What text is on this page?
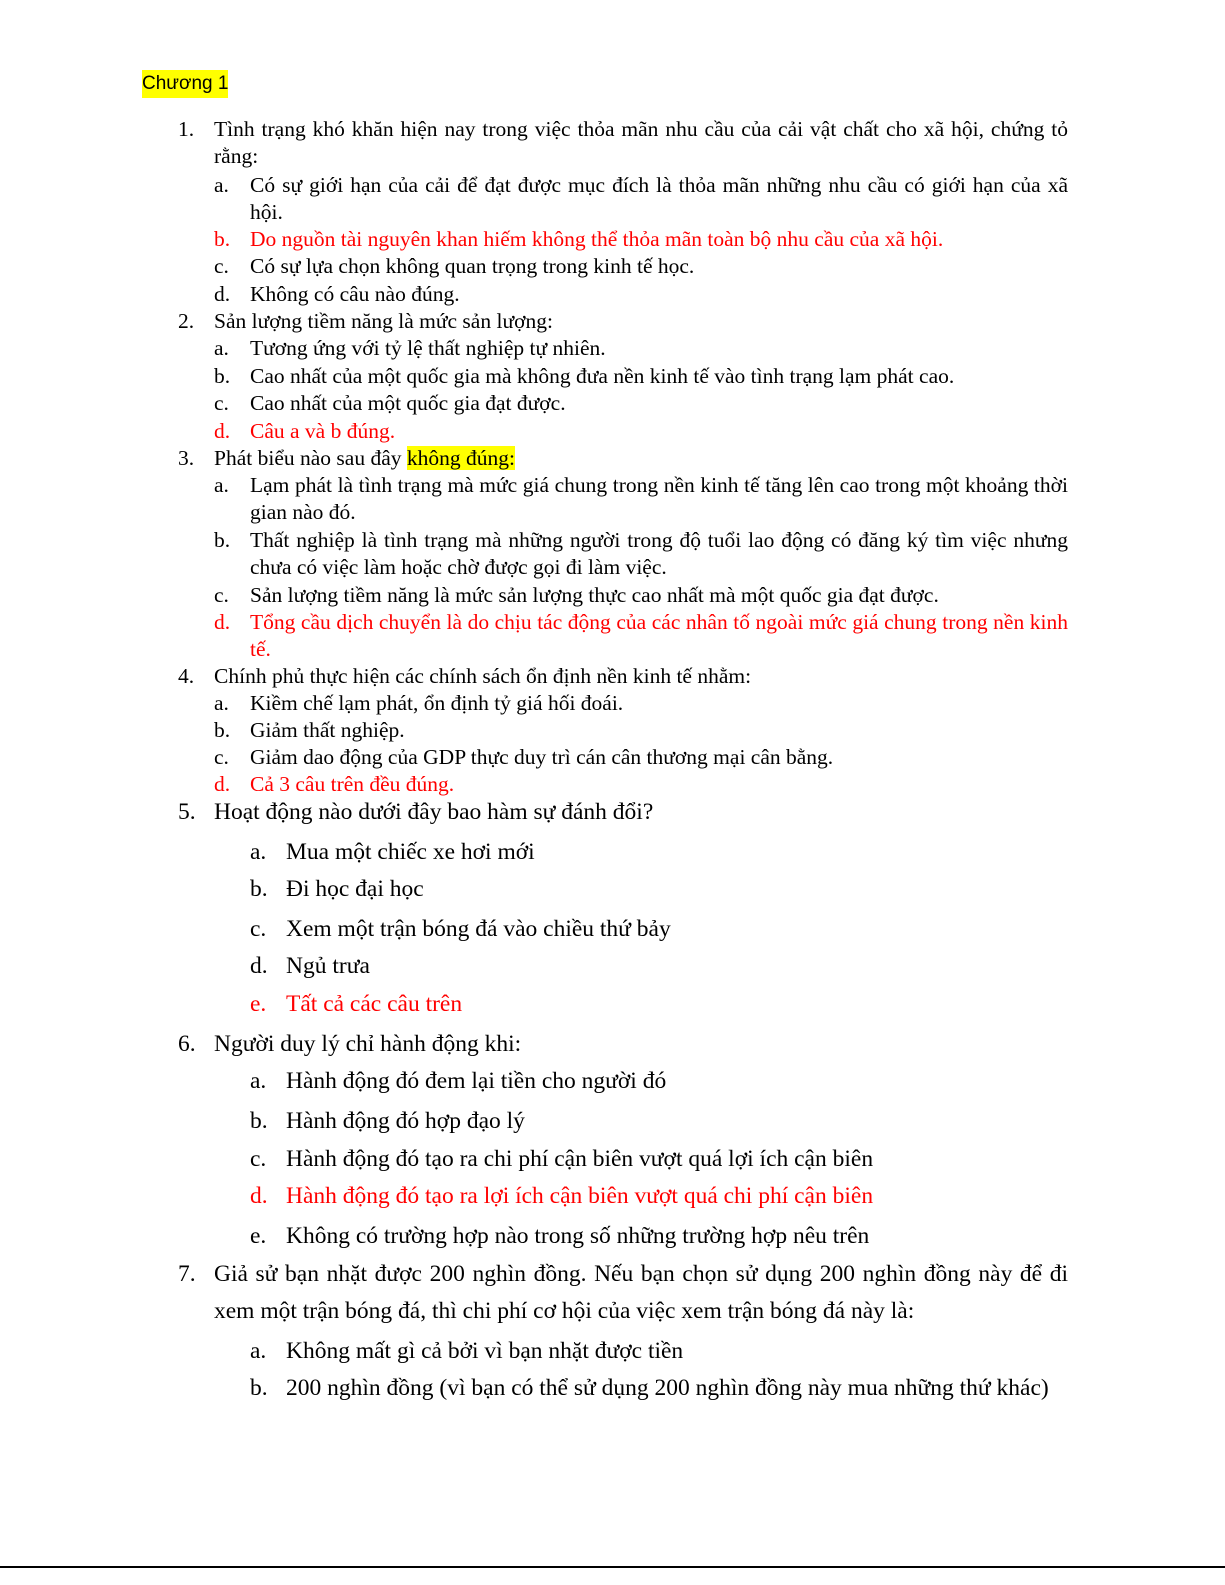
Chương 1
1. Tình trạng khó khăn hiện nay trong việc thỏa mãn nhu cầu của cải vật chất cho xã hội, chứng tỏ rằng:
a. Có sự giới hạn của cải để đạt được mục đích là thỏa mãn những nhu cầu có giới hạn của xã hội.
b. Do nguồn tài nguyên khan hiếm không thể thỏa mãn toàn bộ nhu cầu của xã hội.
c. Có sự lựa chọn không quan trọng trong kinh tế học.
d. Không có câu nào đúng.
2. Sản lượng tiềm năng là mức sản lượng:
a. Tương ứng với tỷ lệ thất nghiệp tự nhiên.
b. Cao nhất của một quốc gia mà không đưa nền kinh tế vào tình trạng lạm phát cao.
c. Cao nhất của một quốc gia đạt được.
d. Câu a và b đúng.
3. Phát biểu nào sau đây không đúng:
a. Lạm phát là tình trạng mà mức giá chung trong nền kinh tế tăng lên cao trong một khoảng thời gian nào đó.
b. Thất nghiệp là tình trạng mà những người trong độ tuổi lao động có đăng ký tìm việc nhưng chưa có việc làm hoặc chờ được gọi đi làm việc.
c. Sản lượng tiềm năng là mức sản lượng thực cao nhất mà một quốc gia đạt được.
d. Tổng cầu dịch chuyển là do chịu tác động của các nhân tố ngoài mức giá chung trong nền kinh tế.
4. Chính phủ thực hiện các chính sách ổn định nền kinh tế nhằm:
a. Kiềm chế lạm phát, ổn định tỷ giá hối đoái.
b. Giảm thất nghiệp.
c. Giảm dao động của GDP thực duy trì cán cân thương mại cân bằng.
d. Cả 3 câu trên đều đúng.
5. Hoạt động nào dưới đây bao hàm sự đánh đổi?
a. Mua một chiếc xe hơi mới
b. Đi học đại học
c. Xem một trận bóng đá vào chiều thứ bảy
d. Ngủ trưa
e. Tất cả các câu trên
6. Người duy lý chỉ hành động khi:
a. Hành động đó đem lại tiền cho người đó
b. Hành động đó hợp đạo lý
c. Hành động đó tạo ra chi phí cận biên vượt quá lợi ích cận biên
d. Hành động đó tạo ra lợi ích cận biên vượt quá chi phí cận biên
e. Không có trường hợp nào trong số những trường hợp nêu trên
7. Giả sử bạn nhặt được 200 nghìn đồng. Nếu bạn chọn sử dụng 200 nghìn đồng này để đi xem một trận bóng đá, thì chi phí cơ hội của việc xem trận bóng đá này là:
a. Không mất gì cả bởi vì bạn nhặt được tiền
b. 200 nghìn đồng (vì bạn có thể sử dụng 200 nghìn đồng này mua những thứ khác)
